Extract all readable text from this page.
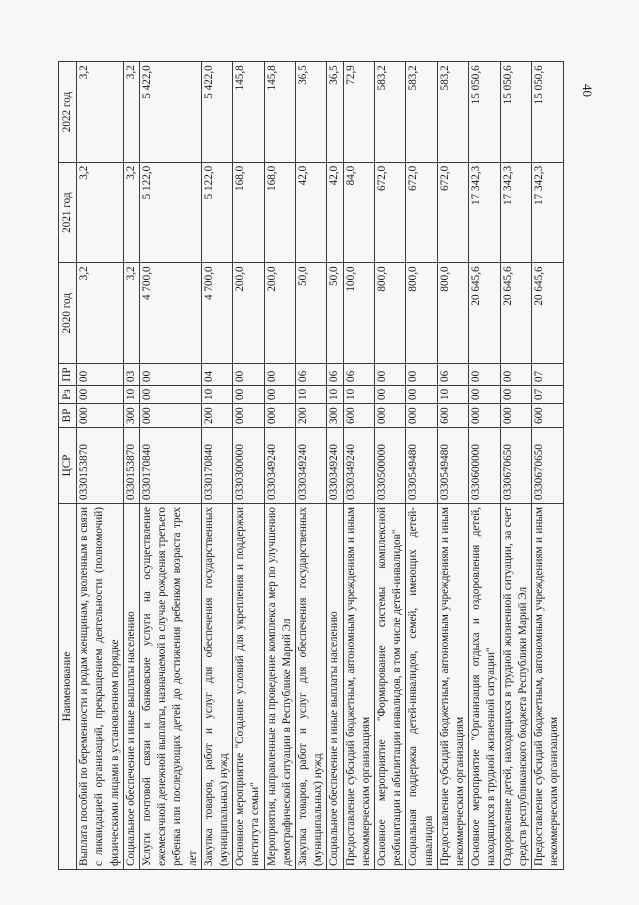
40
Наименование	ЦСР	ВР	Рз	ПР	2020 год	2021 год	2022 год
Выплата пособий по беременности и родам женщинам, уволенным в связи с ликвидацией организаций, прекращением деятельности (полномочий) физическими лицами в установленном порядке	0330153870	000	00	00	3,2	3,2	3,2
Социальное обеспечение и иные выплаты населению	0330153870	300	10	03	3,2	3,2	3,2
Услуги почтовой связи и банковские услуги на осуществление ежемесячной денежной выплаты, назначаемой в случае рождения третьего ребенка или последующих детей до достижения ребенком возраста трех лет	0330170840	000	00	00	4 700,0	5 122,0	5 422,0
Закупка товаров, работ и услуг для обеспечения государственных (муниципальных) нужд	0330170840	200	10	04	4 700,0	5 122,0	5 422,0
Основное мероприятие "Создание условий для укрепления и поддержки института семьи"	0330300000	000	00	00	200,0	168,0	145,8
Мероприятия, направленные на проведение комплекса мер по улучшению демографической ситуации в Республике Марий Эл	0330349240	000	00	00	200,0	168,0	145,8
Закупка товаров, работ и услуг для обеспечения государственных (муниципальных) нужд	0330349240	200	10	06	50,0	42,0	36,5
Социальное обеспечение и иные выплаты населению	0330349240	300	10	06	50,0	42,0	36,5
Предоставление субсидий бюджетным, автономным учреждениям и иным некоммерческим организациям	0330349240	600	10	06	100,0	84,0	72,9
Основное мероприятие "Формирование системы комплексной реабилитации и абилитации инвалидов, в том числе детей-инвалидов"	0330500000	000	00	00	800,0	672,0	583,2
Социальная поддержка детей-инвалидов, семей, имеющих детей-инвалидов	0330549480	000	00	00	800,0	672,0	583,2
Предоставление субсидий бюджетным, автономным учреждениям и иным некоммерческим организациям	0330549480	600	10	06	800,0	672,0	583,2
Основное мероприятие "Организация отдыха и оздоровления детей, находящихся в трудной жизненной ситуации"	0330600000	000	00	00	20 645,6	17 342,3	15 050,6
Оздоровление детей, находящихся в трудной жизненной ситуации, за счет средств республиканского бюджета Республики Марий Эл	0330670650	000	00	00	20 645,6	17 342,3	15 050,6
Предоставление субсидий бюджетным, автономным учреждениям и иным некоммерческим организациям	0330670650	600	07	07	20 645,6	17 342,3	15 050,6
